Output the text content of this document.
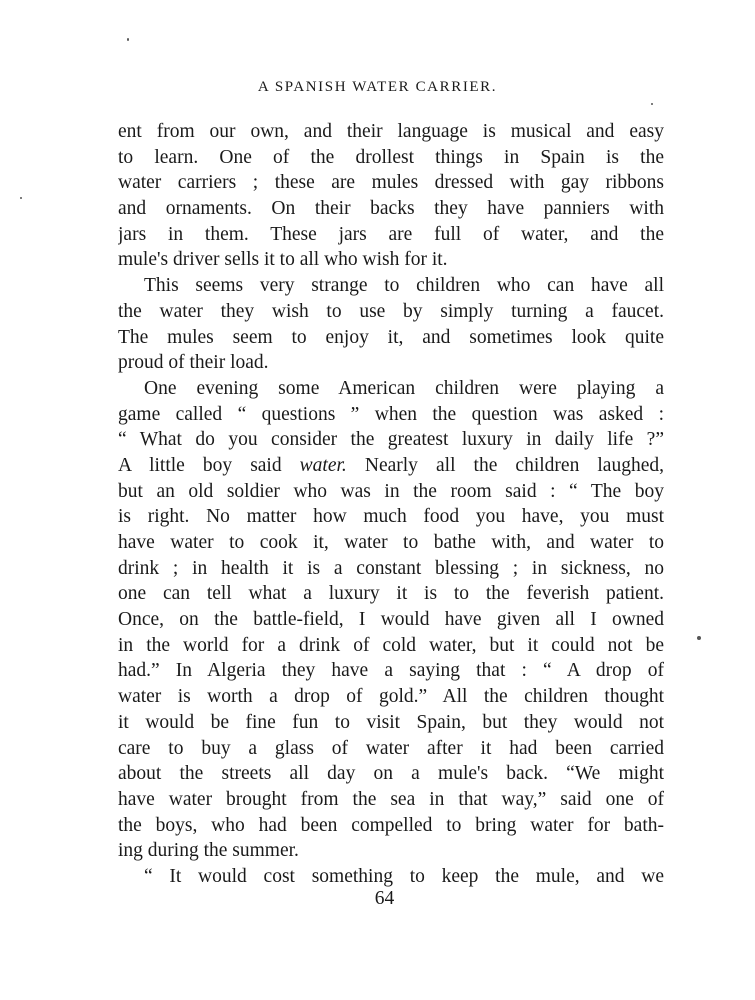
A SPANISH WATER CARRIER.
ent from our own, and their language is musical and easy
to learn. One of the drollest things in Spain is the
water carriers ; these are mules dressed with gay ribbons
and ornaments. On their backs they have panniers with
jars in them. These jars are full of water, and the
mule's driver sells it to all who wish for it.
This seems very strange to children who can have all
the water they wish to use by simply turning a faucet.
The mules seem to enjoy it, and sometimes look quite
proud of their load.
One evening some American children were playing a
game called “ questions ” when the question was asked :
“ What do you consider the greatest luxury in daily life ?”
A little boy said water. Nearly all the children laughed,
but an old soldier who was in the room said : “ The boy
is right. No matter how much food you have, you must
have water to cook it, water to bathe with, and water to
drink ; in health it is a constant blessing ; in sickness, no
one can tell what a luxury it is to the feverish patient.
Once, on the battle-field, I would have given all I owned
in the world for a drink of cold water, but it could not be
had.” In Algeria they have a saying that : “ A drop of
water is worth a drop of gold.” All the children thought
it would be fine fun to visit Spain, but they would not
care to buy a glass of water after it had been carried
about the streets all day on a mule's back. “We might
have water brought from the sea in that way,” said one of
the boys, who had been compelled to bring water for bath-
ing during the summer.
“ It would cost something to keep the mule, and we
64
